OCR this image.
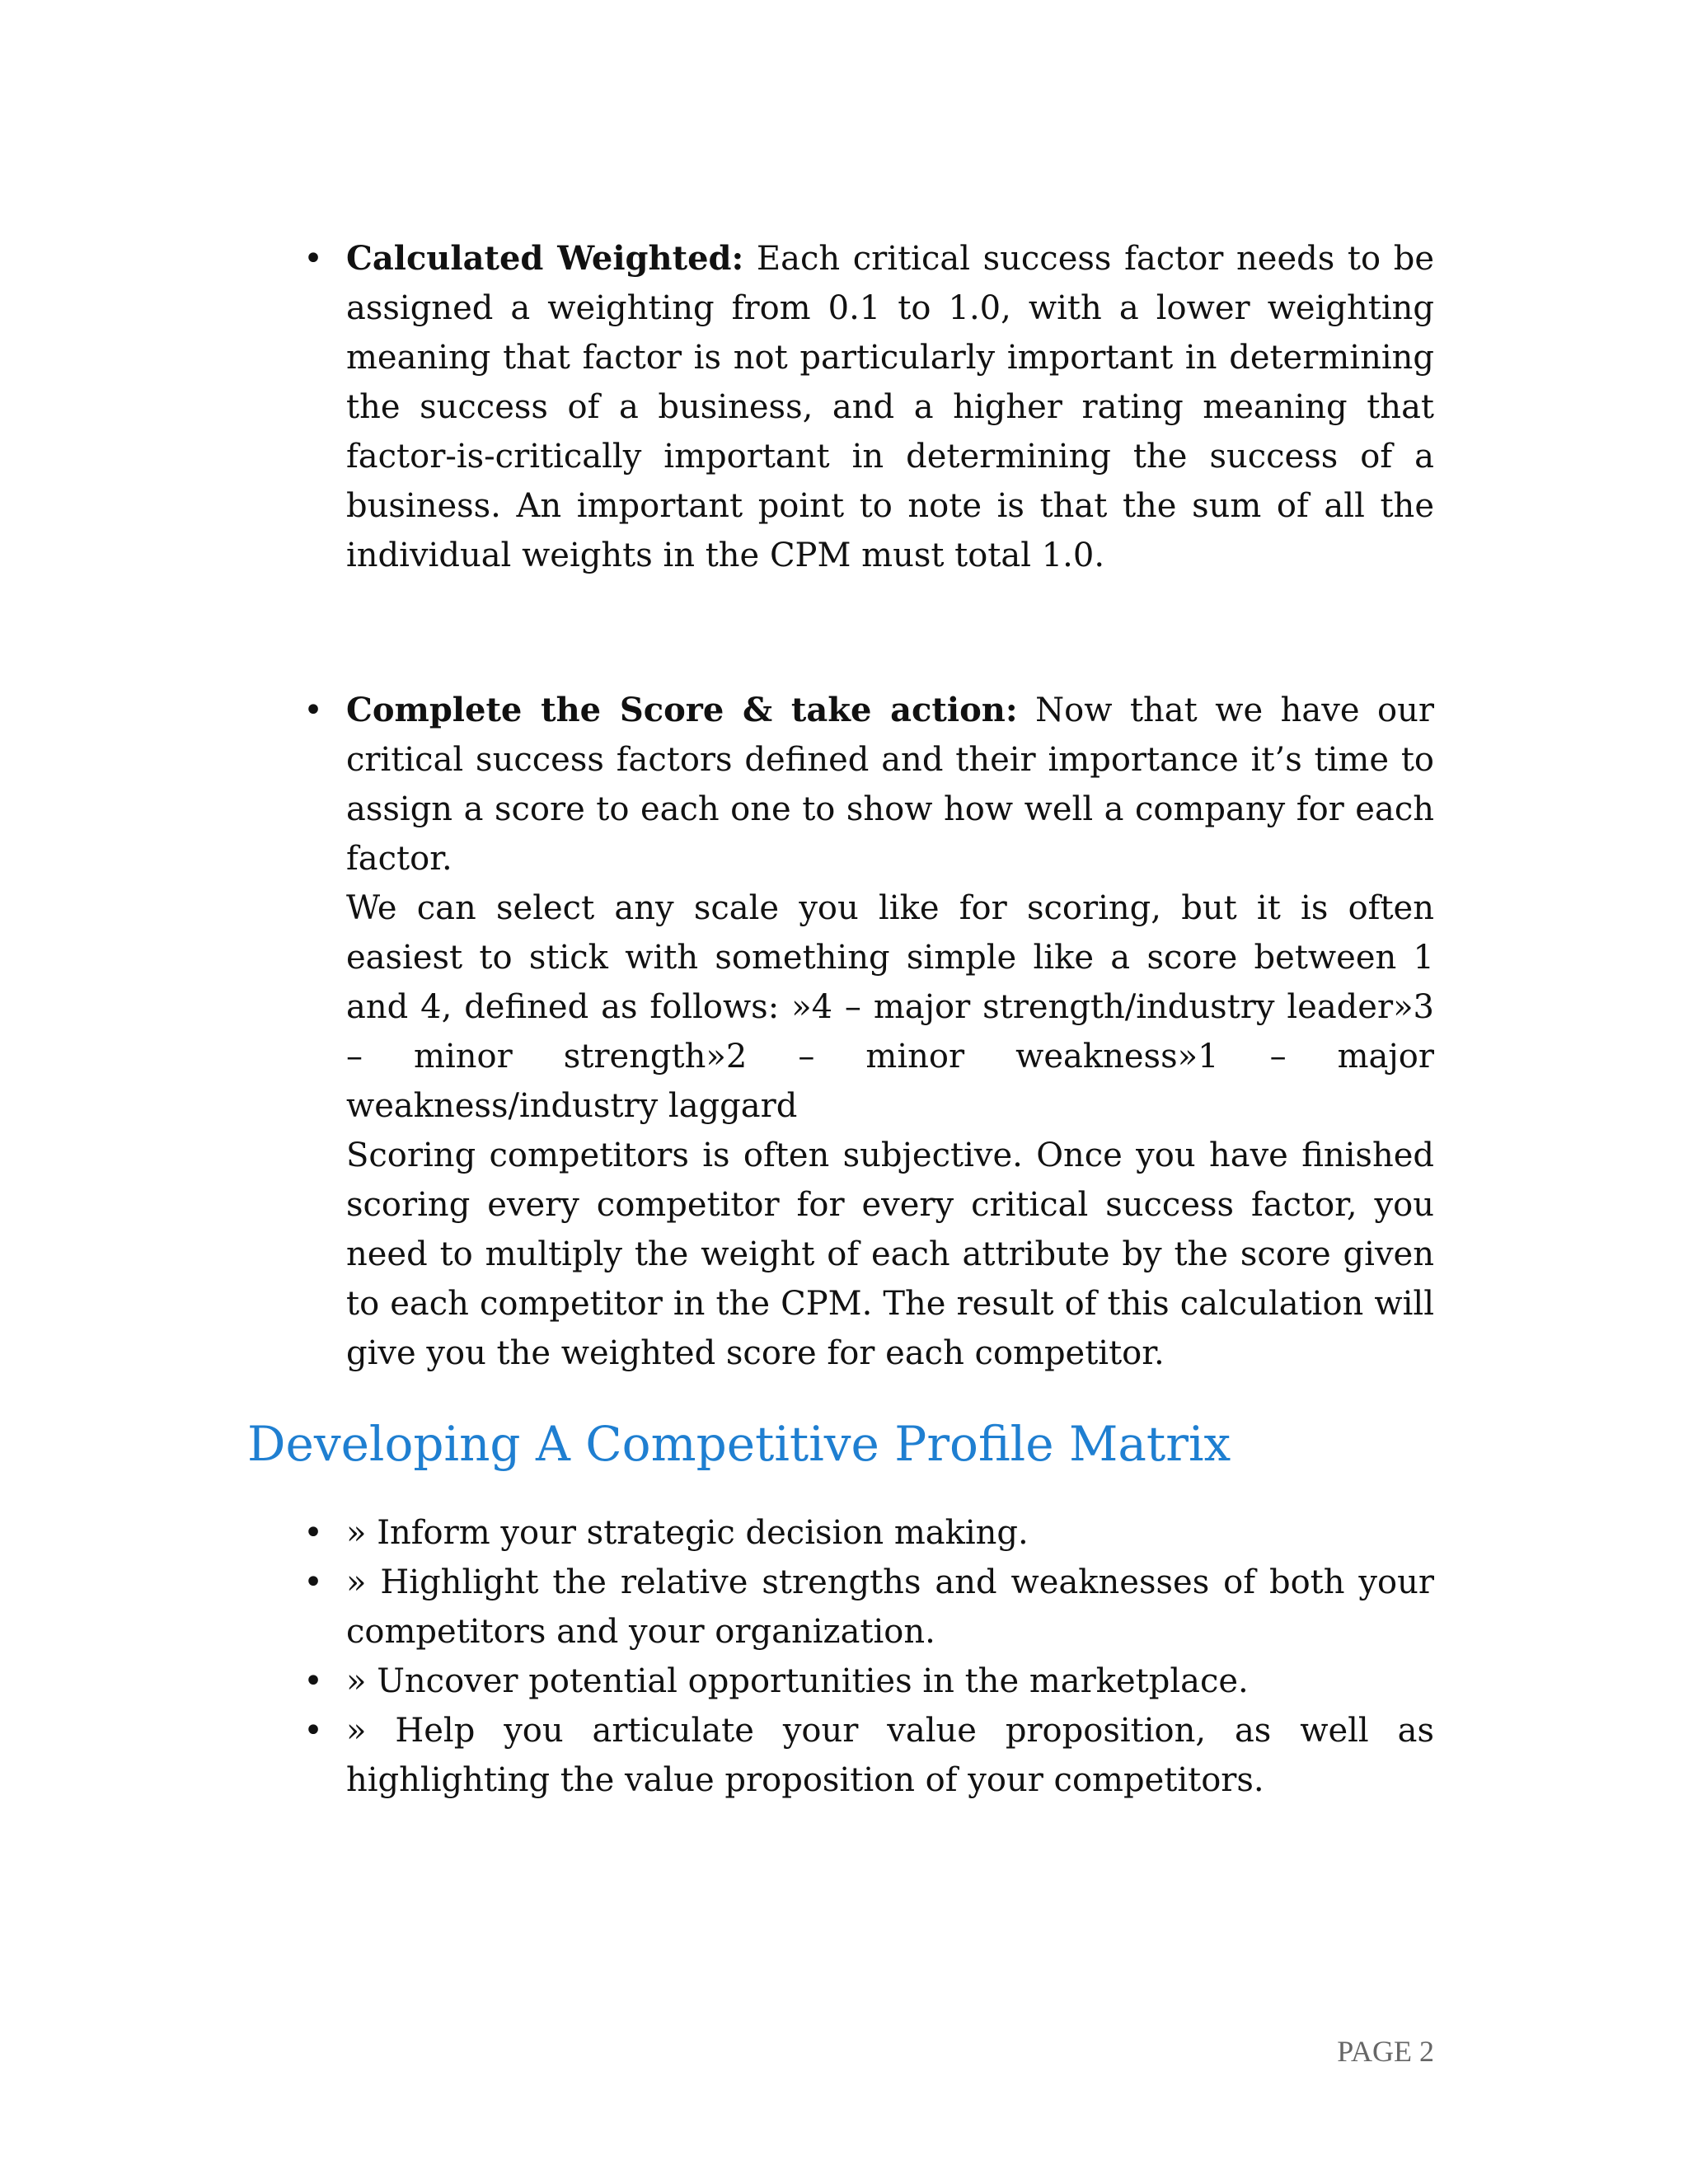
• Calculated Weighted: Each critical success factor needs to be assigned a weighting from 0.1 to 1.0, with a lower weighting meaning that factor is not particularly important in determining the success of a business, and a higher rating meaning that factor-is-critically important in determining the success of a business. An important point to note is that the sum of all the individual weights in the CPM must total 1.0.
• Complete the Score & take action: Now that we have our critical success factors defined and their importance it’s time to assign a score to each one to show how well a company for each factor.
We can select any scale you like for scoring, but it is often easiest to stick with something simple like a score between 1 and 4, defined as follows: »4 – major strength/industry leader»3 – minor strength»2 – minor weakness»1 – major weakness/industry laggard
Scoring competitors is often subjective. Once you have finished scoring every competitor for every critical success factor, you need to multiply the weight of each attribute by the score given to each competitor in the CPM. The result of this calculation will give you the weighted score for each competitor.
Developing A Competitive Profile Matrix
• » Inform your strategic decision making.
• » Highlight the relative strengths and weaknesses of both your competitors and your organization.
• » Uncover potential opportunities in the marketplace.
• » Help you articulate your value proposition, as well as highlighting the value proposition of your competitors.
PAGE 2
